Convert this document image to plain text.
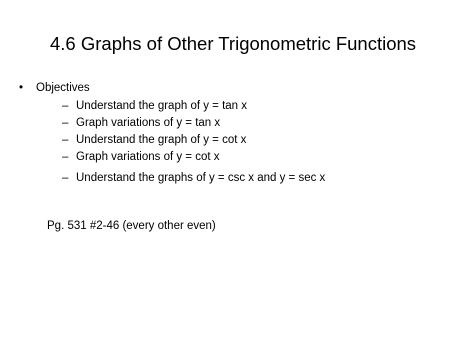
4.6 Graphs of Other Trigonometric Functions
• Objectives
– Understand the graph of y = tan x
– Graph variations of y = tan x
– Understand the graph of y = cot x
– Graph variations of y = cot x
– Understand the graphs of y = csc x and y = sec x
Pg. 531 #2-46 (every other even)
